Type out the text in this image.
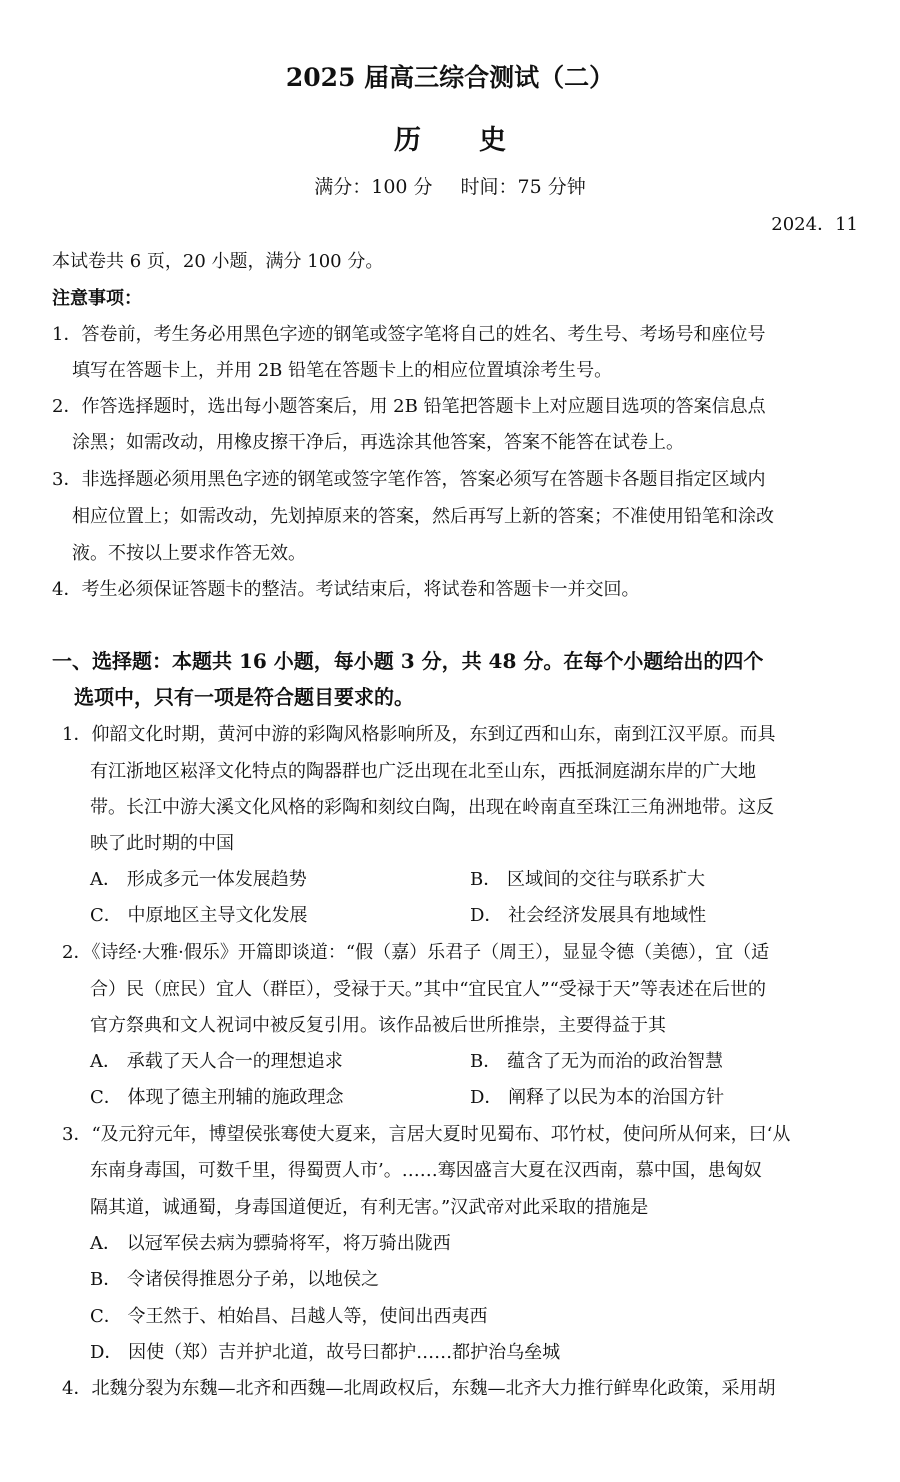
2025 届高三综合测试（二）
历史
满分：100 分 时间：75 分钟
2024．11
本试卷共 6 页，20 小题，满分 100 分。
注意事项：
1．答卷前，考生务必用黑色字迹的钢笔或签字笔将自己的姓名、考生号、考场号和座位号
填写在答题卡上，并用 2B 铅笔在答题卡上的相应位置填涂考生号。
2．作答选择题时，选出每小题答案后，用 2B 铅笔把答题卡上对应题目选项的答案信息点
涂黑；如需改动，用橡皮擦干净后，再选涂其他答案，答案不能答在试卷上。
3．非选择题必须用黑色字迹的钢笔或签字笔作答，答案必须写在答题卡各题目指定区域内
相应位置上；如需改动，先划掉原来的答案，然后再写上新的答案；不准使用铅笔和涂改
液。不按以上要求作答无效。
4．考生必须保证答题卡的整洁。考试结束后，将试卷和答题卡一并交回。
一、选择题：本题共 16 小题，每小题 3 分，共 48 分。在每个小题给出的四个
选项中，只有一项是符合题目要求的。
1．仰韶文化时期，黄河中游的彩陶风格影响所及，东到辽西和山东，南到江汉平原。而具
有江浙地区崧泽文化特点的陶器群也广泛出现在北至山东，西抵洞庭湖东岸的广大地
带。长江中游大溪文化风格的彩陶和刻纹白陶，出现在岭南直至珠江三角洲地带。这反
映了此时期的中国
A． 形成多元一体发展趋势	B． 区域间的交往与联系扩大
C． 中原地区主导文化发展	D． 社会经济发展具有地域性
2．《诗经·大雅·假乐》开篇即谈道：“假（嘉）乐君子（周王），显显令德（美德），宜（适
合）民（庶民）宜人（群臣），受禄于天。”其中“宜民宜人”“受禄于天”等表述在后世的
官方祭典和文人祝词中被反复引用。该作品被后世所推崇，主要得益于其
A． 承载了天人合一的理想追求	B． 蕴含了无为而治的政治智慧
C． 体现了德主刑辅的施政理念	D． 阐释了以民为本的治国方针
3．“及元狩元年，博望侯张骞使大夏来，言居大夏时见蜀布、邛竹杖，使问所从何来，曰‘从
东南身毒国，可数千里，得蜀贾人市’。……骞因盛言大夏在汉西南，慕中国，患匈奴
隔其道，诚通蜀，身毒国道便近，有利无害。”汉武帝对此采取的措施是
A． 以冠军侯去病为骠骑将军，将万骑出陇西
B． 令诸侯得推恩分子弟，以地侯之
C． 令王然于、柏始昌、吕越人等，使间出西夷西
D． 因使（郑）吉并护北道，故号曰都护……都护治乌垒城
4．北魏分裂为东魏—北齐和西魏—北周政权后，东魏—北齐大力推行鲜卑化政策，采用胡
